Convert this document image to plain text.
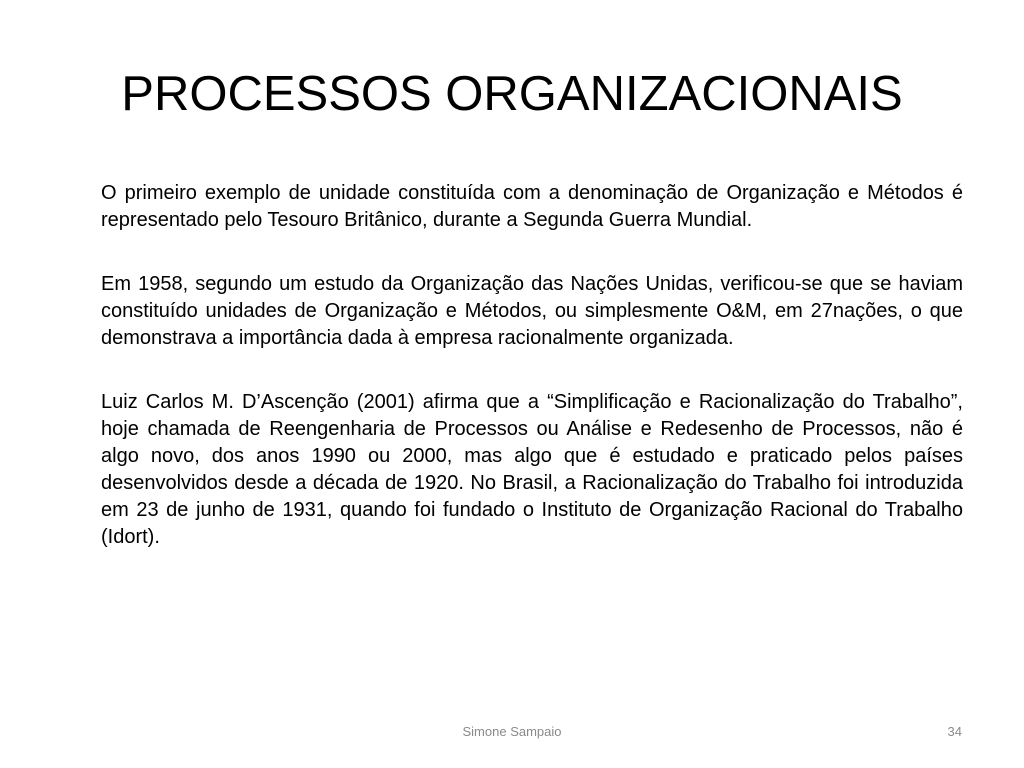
PROCESSOS ORGANIZACIONAIS

O primeiro exemplo de unidade constituída com a denominação de Organização e Métodos é representado pelo Tesouro Britânico, durante a Segunda Guerra Mundial.

Em 1958, segundo um estudo da Organização das Nações Unidas, verificou-se que se haviam constituído unidades de Organização e Métodos, ou simplesmente O&M, em 27nações, o que demonstrava a importância dada à empresa racionalmente organizada.

Luiz Carlos M. D’Ascenção (2001) afirma que a “Simplificação e Racionalização do Trabalho”, hoje chamada de Reengenharia de Processos ou Análise e Redesenho de Processos, não é algo novo, dos anos 1990 ou 2000, mas algo que é estudado e praticado pelos países desenvolvidos desde a década de 1920. No Brasil, a Racionalização do Trabalho foi introduzida em 23 de junho de 1931, quando foi fundado o Instituto de Organização Racional do Trabalho (Idort).

Simone Sampaio	34
